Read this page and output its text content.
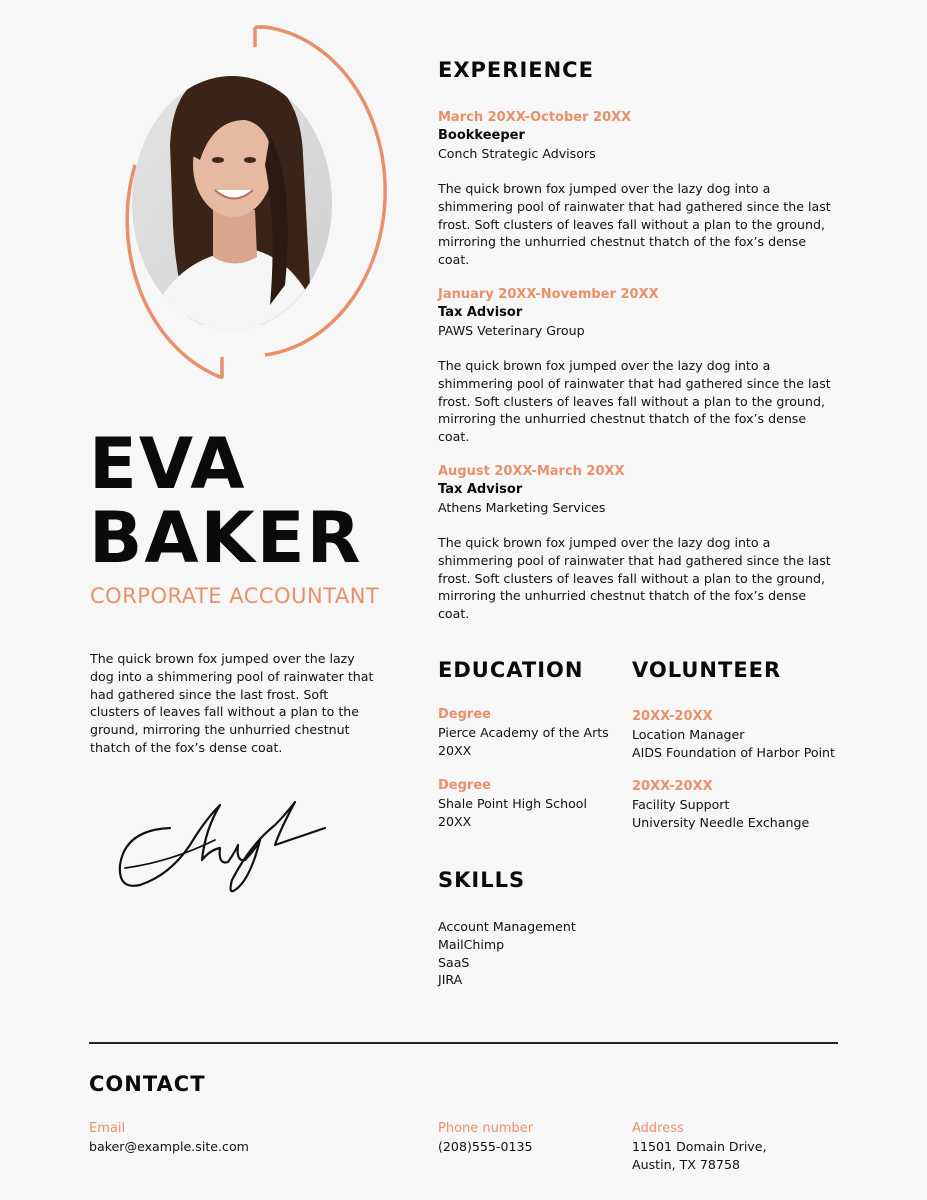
EVA
BAKER
CORPORATE ACCOUNTANT
The quick brown fox jumped over the lazy dog into a shimmering pool of rainwater that had gathered since the last frost. Soft clusters of leaves fall without a plan to the ground, mirroring the unhurried chestnut thatch of the fox’s dense coat.
EXPERIENCE
March 20XX-October 20XX
Bookkeeper
Conch Strategic Advisors
The quick brown fox jumped over the lazy dog into a shimmering pool of rainwater that had gathered since the last frost. Soft clusters of leaves fall without a plan to the ground, mirroring the unhurried chestnut thatch of the fox’s dense coat.
January 20XX-November 20XX
Tax Advisor
PAWS Veterinary Group
The quick brown fox jumped over the lazy dog into a shimmering pool of rainwater that had gathered since the last frost. Soft clusters of leaves fall without a plan to the ground, mirroring the unhurried chestnut thatch of the fox’s dense coat.
August 20XX-March 20XX
Tax Advisor
Athens Marketing Services
The quick brown fox jumped over the lazy dog into a shimmering pool of rainwater that had gathered since the last frost. Soft clusters of leaves fall without a plan to the ground, mirroring the unhurried chestnut thatch of the fox’s dense coat.
EDUCATION
Degree
Pierce Academy of the Arts
20XX
Degree
Shale Point High School
20XX
VOLUNTEER
20XX-20XX
Location Manager
AIDS Foundation of Harbor Point
20XX-20XX
Facility Support
University Needle Exchange
SKILLS
Account Management
MailChimp
SaaS
JIRA
CONTACT
Email
baker@example.site.com
Phone number
(208)555-0135
Address
11501 Domain Drive,
Austin, TX 78758
